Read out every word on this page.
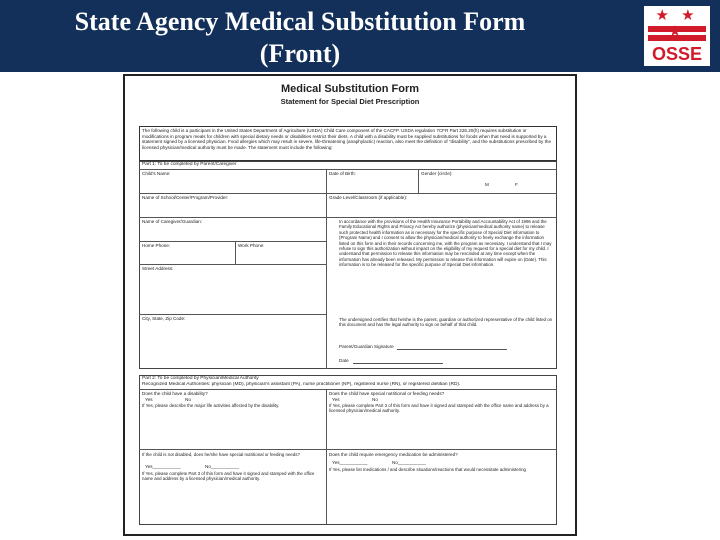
State Agency Medical Substitution Form
(Front)
★ ★
OSSE
Medical Substitution Form
Statement for Special Diet Prescription
The following child is a participant in the United States Department of Agriculture (USDA) Child Care component of the CACFP. USDA regulation 7CFR Part 226.20(h) requires substitution or modifications in program meals for children with special dietary needs or disabilities restrict their diets. A child with a disability must be supplied substitutions for foods when that need is supported by a statement signed by a licensed physician. Food allergies which may result in severe, life-threatening (anaphylactic) reaction, also meet the definition of "disability", and the substitutions prescribed by the licensed physician/medical authority must be made. The statement must include the following:
Part 1: To be completed by Parent/Caregiver
Child's Name:	Date of Birth:	Gender (circle):
M	F
Name of School/Center/Program/Provider:	Grade Level/Classroom (if applicable):
Name of Caregiver/Guardian:
Home Phone:	Work Phone:
Street Address:
City, State, Zip Code:
In accordance with the provisions of the Health Insurance Portability and Accountability Act of 1996 and the Family Educational Rights and Privacy Act hereby authorize (physician/medical authority name) to release such protected health information as is necessary for the specific purpose of Special Diet information to (Program Name) and I consent to allow the physician/medical authority to freely exchange the information listed on this form and in their records concerning me, with the program as necessary. I understand that I may refuse to sign this authorization without impact on the eligibility of my request for a special diet for my child. I understand that permission to release this information may be rescinded at any time except when the information has already been released. My permission to release this information will expire on (Date). This information is to be released for the specific purpose of Special Diet information.
The undersigned certifies that he/she is the parent, guardian or authorized representative of the child listed on this document and has the legal authority to sign on behalf of that child.
Parent/Guardian Signature
Date
Part 2: To be completed by Physician/Medical Authority
Recognized Medical Authorities: physician (MD), physician's assistant (PA), nurse practitioner (NP), registered nurse (RN), or registered dietitian (RD).
Does the child have a disability?
Yes	No
If Yes, please describe the major life activities affected by the disability.
Does the child have special nutritional or feeding needs?
Yes	No
If Yes, please complete Part 3 of this form and have it signed and stamped with the office name and address by a licensed physician/medical authority.
If the child is not disabled, does he/she have special nutritional or feeding needs?
Yes___________	No___________
If Yes, please complete Part 3 of this form and have it signed and stamped with the office name and address by a licensed physician/medical authority.
Does the child require emergency medication be administered?
Yes___________	No___________
If Yes, please list medications / and describe situations/reactions that would necessitate administering
